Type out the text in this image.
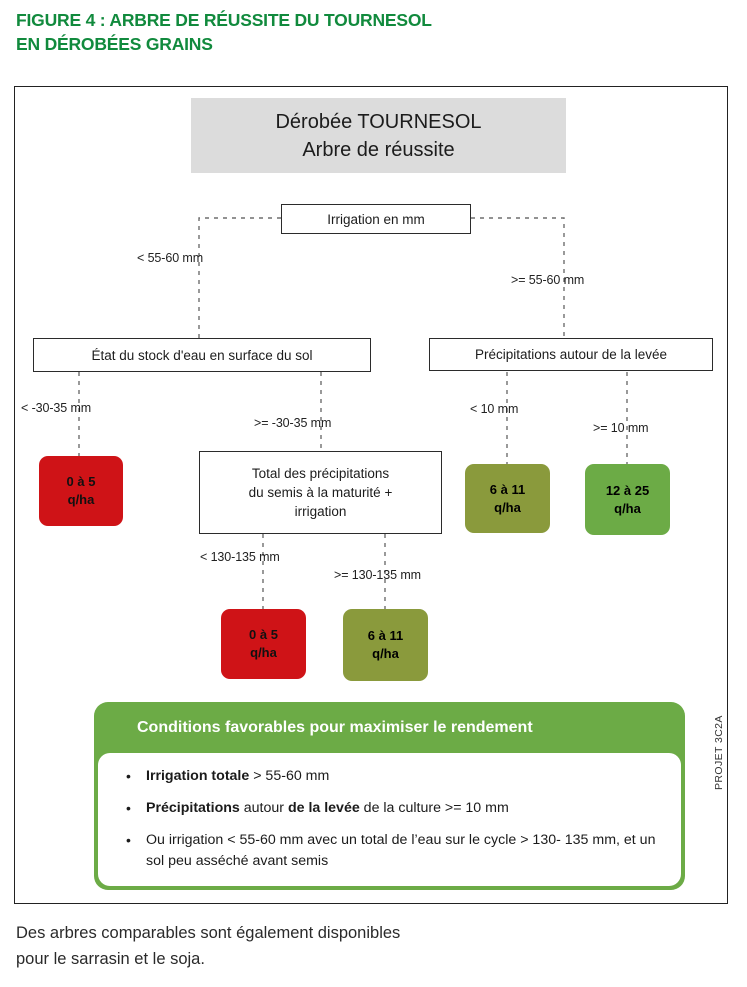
FIGURE 4 : ARBRE DE RÉUSSITE DU TOURNESOL
EN DÉROBÉES GRAINS
Dérobée TOURNESOL
Arbre de réussite
Irrigation en mm
< 55-60 mm
>= 55-60 mm
État du stock d'eau en surface du sol	Précipitations autour de la levée
< -30-35 mm
>= -30-35 mm
< 10 mm
>= 10 mm
0 à 5
q/ha
Total des précipitations
du semis à la maturité +
irrigation
6 à 11
q/ha
12 à 25
q/ha
< 130-135 mm
>= 130-135 mm
0 à 5
q/ha
6 à 11
q/ha
Conditions favorables pour maximiser le rendement
• Irrigation totale > 55-60 mm
• Précipitations autour de la levée de la culture >= 10 mm
• Ou irrigation < 55-60 mm avec un total de l’eau sur le cycle > 130- 135 mm, et un sol peu asséché avant semis
PROJET 3C2A
Des arbres comparables sont également disponibles
pour le sarrasin et le soja.
